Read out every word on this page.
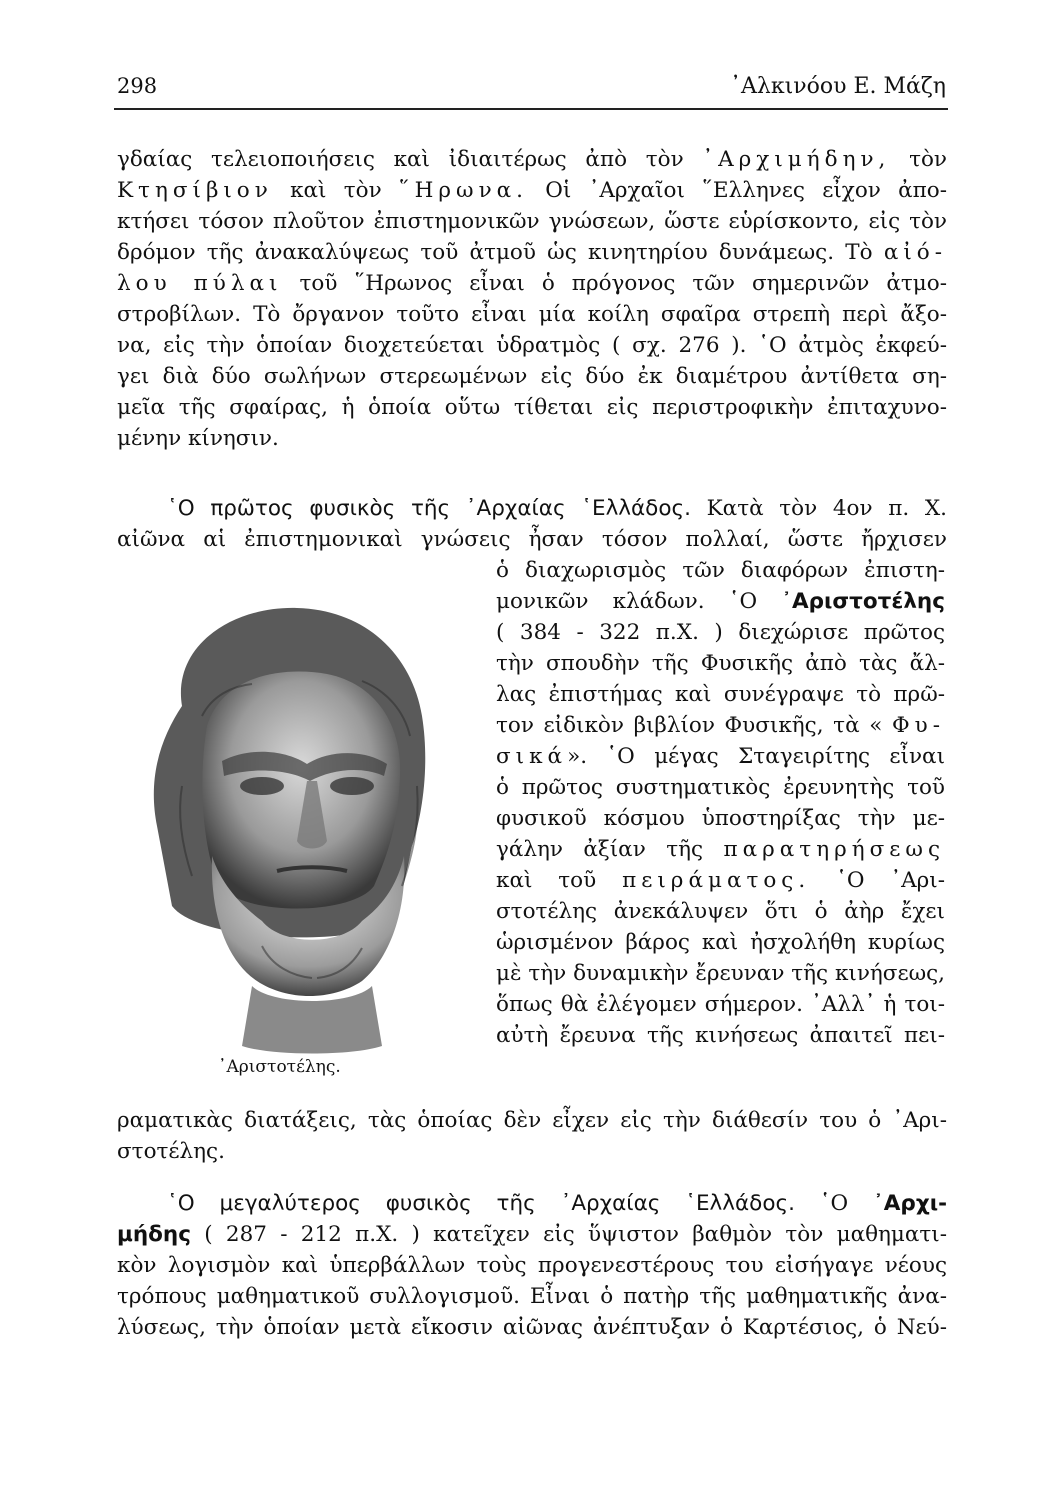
298	᾿Αλκινόου Ε. Μάζη
γδαίας τελειοποιήσεις καὶ ἰδιαιτέρως ἀπὸ τὸν ᾿Αρχιμήδην, τὸν
Κτησίβιον καὶ τὸν ῞Ηρωνα. Οἱ ᾿Αρχαῖοι ῞Ελληνες εἶχον ἀπο-
κτήσει τόσον πλοῦτον ἐπιστημονικῶν γνώσεων, ὥστε εὑρίσκοντο, εἰς τὸν
δρόμον τῆς ἀνακαλύψεως τοῦ ἀτμοῦ ὡς κινητηρίου δυνάμεως. Τὸ αἰό-
λου πύλαι τοῦ ῞Ηρωνος εἶναι ὁ πρόγονος τῶν σημερινῶν ἀτμο-
στροβίλων. Τὸ ὄργανον τοῦτο εἶναι μία κοίλη σφαῖρα στρεπὴ περὶ ἄξο-
να, εἰς τὴν ὁποίαν διοχετεύεται ὑδρατμὸς ( σχ. 276 ). ῾Ο ἀτμὸς ἐκφεύ-
γει διὰ δύο σωλήνων στερεωμένων εἰς δύο ἐκ διαμέτρου ἀντίθετα ση-
μεῖα τῆς σφαίρας, ἡ ὁποία οὕτω τίθεται εἰς περιστροφικὴν ἐπιταχυνο-
μένην κίνησιν.
῾Ο πρῶτος φυσικὸς τῆς ᾿Αρχαίας ῾Ελλάδος. Κατὰ τὸν 4ον π. Χ.
αἰῶνα αἱ ἐπιστημονικαὶ γνώσεις ἦσαν τόσον πολλαί, ὥστε ἤρχισεν
ὁ διαχωρισμὸς τῶν διαφόρων ἐπιστη-
μονικῶν κλάδων. ῾Ο ᾿Αριστοτέλης
( 384 - 322 π.Χ. ) διεχώρισε πρῶτος
τὴν σπουδὴν τῆς Φυσικῆς ἀπὸ τὰς ἄλ-
λας ἐπιστήμας καὶ συνέγραψε τὸ πρῶ-
τον εἰδικὸν βιβλίον Φυσικῆς, τὰ « Φυ-
σικά». ῾Ο μέγας Σταγειρίτης εἶναι
ὁ πρῶτος συστηματικὸς ἐρευνητὴς τοῦ
φυσικοῦ κόσμου ὑποστηρίξας τὴν με-
γάλην ἀξίαν τῆς παρατηρήσεως
καὶ τοῦ πειράματος. ῾Ο ᾿Αρι-
στοτέλης ἀνεκάλυψεν ὅτι ὁ ἀὴρ ἔχει
ὡρισμένον βάρος καὶ ἠσχολήθη κυρίως
μὲ τὴν δυναμικὴν ἔρευναν τῆς κινήσεως,
ὅπως θὰ ἐλέγομεν σήμερον. ᾿Αλλ᾿ ἡ τοι-
αὐτὴ ἔρευνα τῆς κινήσεως ἀπαιτεῖ πει-
᾿Αριστοτέλης.
ραματικὰς διατάξεις, τὰς ὁποίας δὲν εἶχεν εἰς τὴν διάθεσίν του ὁ ᾿Αρι-
στοτέλης.
῾Ο μεγαλύτερος φυσικὸς τῆς ᾿Αρχαίας ῾Ελλάδος. ῾Ο ᾿Αρχι-
μήδης ( 287 - 212 π.Χ. ) κατεῖχεν εἰς ὕψιστον βαθμὸν τὸν μαθηματι-
κὸν λογισμὸν καὶ ὑπερβάλλων τοὺς προγενεστέρους του εἰσήγαγε νέους
τρόπους μαθηματικοῦ συλλογισμοῦ. Εἶναι ὁ πατὴρ τῆς μαθηματικῆς ἀνα-
λύσεως, τὴν ὁποίαν μετὰ εἴκοσιν αἰῶνας ἀνέπτυξαν ὁ Καρτέσιος, ὁ Νεύ-
